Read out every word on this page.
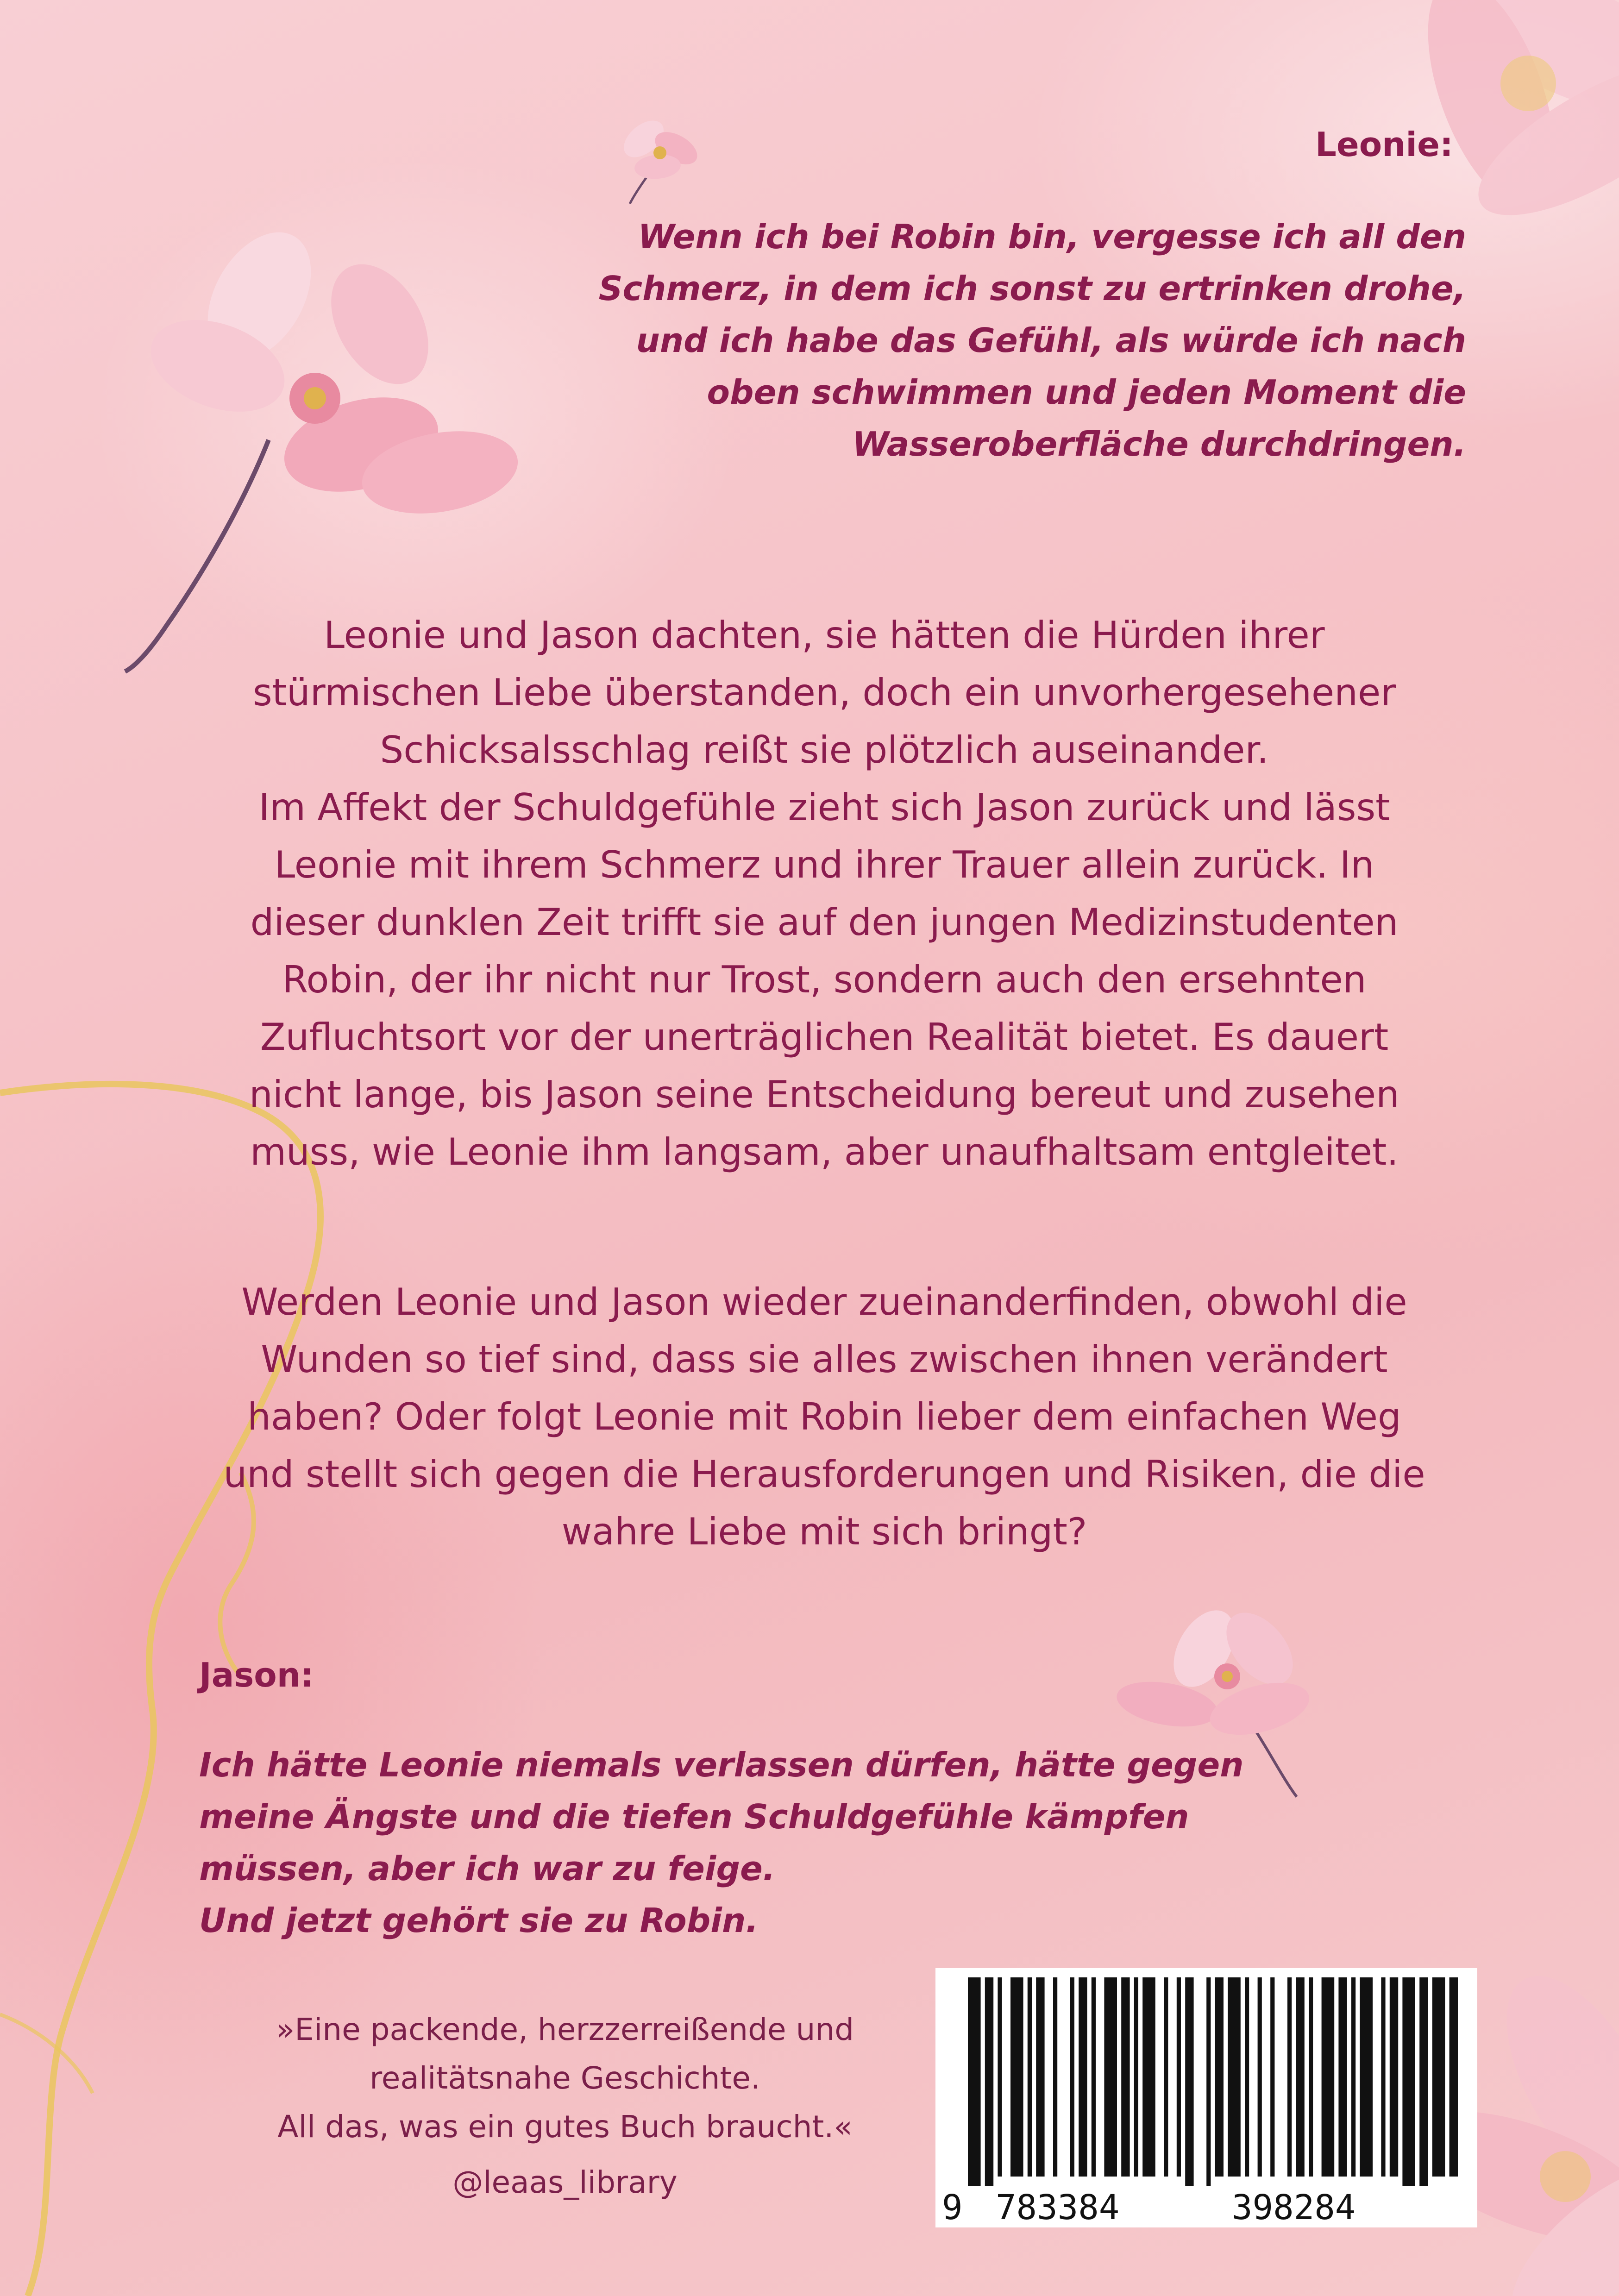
Leonie:
Wenn ich bei Robin bin, vergesse ich all den
Schmerz, in dem ich sonst zu ertrinken drohe,
und ich habe das Gefühl, als würde ich nach
oben schwimmen und jeden Moment die
Wasseroberfläche durchdringen.
Leonie und Jason dachten, sie hätten die Hürden ihrer
stürmischen Liebe überstanden, doch ein unvorhergesehener
Schicksalsschlag reißt sie plötzlich auseinander.
Im Affekt der Schuldgefühle zieht sich Jason zurück und lässt
Leonie mit ihrem Schmerz und ihrer Trauer allein zurück. In
dieser dunklen Zeit trifft sie auf den jungen Medizinstudenten
Robin, der ihr nicht nur Trost, sondern auch den ersehnten
Zufluchtsort vor der unerträglichen Realität bietet. Es dauert
nicht lange, bis Jason seine Entscheidung bereut und zusehen
muss, wie Leonie ihm langsam, aber unaufhaltsam entgleitet.
Werden Leonie und Jason wieder zueinanderfinden, obwohl die
Wunden so tief sind, dass sie alles zwischen ihnen verändert
haben? Oder folgt Leonie mit Robin lieber dem einfachen Weg
und stellt sich gegen die Herausforderungen und Risiken, die die
wahre Liebe mit sich bringt?
Jason:
Ich hätte Leonie niemals verlassen dürfen, hätte gegen
meine Ängste und die tiefen Schuldgefühle kämpfen
müssen, aber ich war zu feige.
Und jetzt gehört sie zu Robin.
»Eine packende, herzzerreißende und
realitätsnahe Geschichte.
All das, was ein gutes Buch braucht.«
@leaas_library
9 783384	398284
